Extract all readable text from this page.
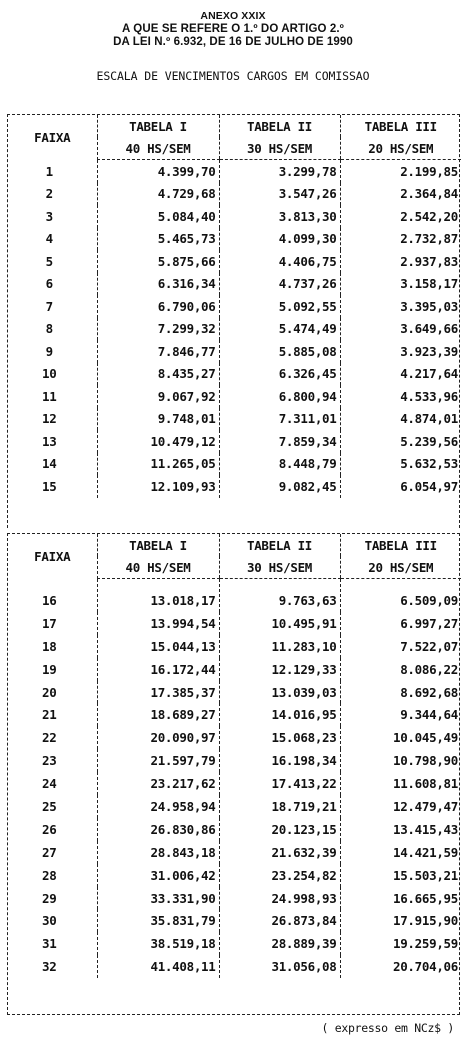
ANEXO XXIX
A QUE SE REFERE O 1.º DO ARTIGO 2.º
DA LEI N.º 6.932, DE 16 DE JULHO DE 1990
ESCALA DE VENCIMENTOS CARGOS EM COMISSAO
FAIXA	TABELA I	TABELA II	TABELA III
	40 HS/SEM	30 HS/SEM	20 HS/SEM
1	4.399,70	3.299,78	2.199,85
2	4.729,68	3.547,26	2.364,84
3	5.084,40	3.813,30	2.542,20
4	5.465,73	4.099,30	2.732,87
5	5.875,66	4.406,75	2.937,83
6	6.316,34	4.737,26	3.158,17
7	6.790,06	5.092,55	3.395,03
8	7.299,32	5.474,49	3.649,66
9	7.846,77	5.885,08	3.923,39
10	8.435,27	6.326,45	4.217,64
11	9.067,92	6.800,94	4.533,96
12	9.748,01	7.311,01	4.874,01
13	10.479,12	7.859,34	5.239,56
14	11.265,05	8.448,79	5.632,53
15	12.109,93	9.082,45	6.054,97
FAIXA	TABELA I	TABELA II	TABELA III
	40 HS/SEM	30 HS/SEM	20 HS/SEM
16	13.018,17	9.763,63	6.509,09
17	13.994,54	10.495,91	6.997,27
18	15.044,13	11.283,10	7.522,07
19	16.172,44	12.129,33	8.086,22
20	17.385,37	13.039,03	8.692,68
21	18.689,27	14.016,95	9.344,64
22	20.090,97	15.068,23	10.045,49
23	21.597,79	16.198,34	10.798,90
24	23.217,62	17.413,22	11.608,81
25	24.958,94	18.719,21	12.479,47
26	26.830,86	20.123,15	13.415,43
27	28.843,18	21.632,39	14.421,59
28	31.006,42	23.254,82	15.503,21
29	33.331,90	24.998,93	16.665,95
30	35.831,79	26.873,84	17.915,90
31	38.519,18	28.889,39	19.259,59
32	41.408,11	31.056,08	20.704,06
( expresso em NCz$ )
